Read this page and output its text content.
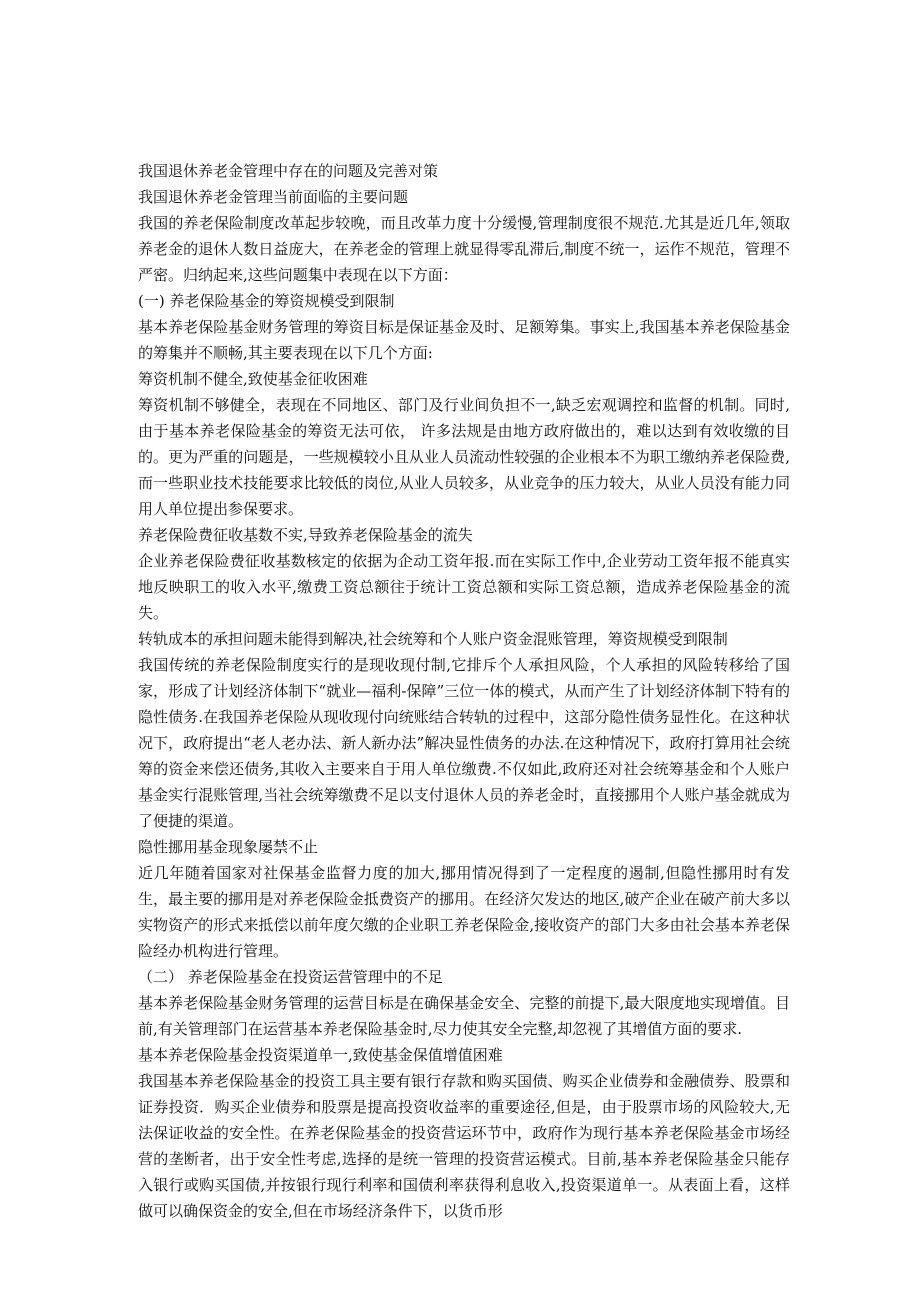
我国退休养老金管理中存在的问题及完善对策

我国退休养老金管理当前面临的主要问题

我国的养老保险制度改革起步较晚，而且改革力度十分缓慢,管理制度很不规范.尤其是近几年,领取养老金的退休人数日益庞大，在养老金的管理上就显得零乱滞后,制度不统一，运作不规范，管理不严密。归纳起来,这些问题集中表现在以下方面：

(一) 养老保险基金的筹资规模受到限制

基本养老保险基金财务管理的筹资目标是保证基金及时、足额筹集。事实上,我国基本养老保险基金的筹集并不顺畅,其主要表现在以下几个方面:

筹资机制不健全,致使基金征收困难

筹资机制不够健全，表现在不同地区、部门及行业间负担不一,缺乏宏观调控和监督的机制。同时,由于基本养老保险基金的筹资无法可依， 许多法规是由地方政府做出的，难以达到有效收缴的目的。更为严重的问题是，一些规模较小且从业人员流动性较强的企业根本不为职工缴纳养老保险费,而一些职业技术技能要求比较低的岗位,从业人员较多，从业竞争的压力较大，从业人员没有能力同用人单位提出参保要求。

养老保险费征收基数不实,导致养老保险基金的流失

企业养老保险费征收基数核定的依据为企动工资年报.而在实际工作中,企业劳动工资年报不能真实地反映职工的收入水平,缴费工资总额往于统计工资总额和实际工资总额，造成养老保险基金的流失。

转轨成本的承担问题未能得到解决,社会统筹和个人账户资金混账管理，筹资规模受到限制

我国传统的养老保险制度实行的是现收现付制,它排斥个人承担风险，个人承担的风险转移给了国家，形成了计划经济体制下“就业—福利-保障”三位一体的模式，从而产生了计划经济体制下特有的隐性债务.在我国养老保险从现收现付向统账结合转轨的过程中，这部分隐性债务显性化。在这种状况下，政府提出“老人老办法、新人新办法”解决显性债务的办法.在这种情况下，政府打算用社会统筹的资金来偿还债务,其收入主要来自于用人单位缴费.不仅如此,政府还对社会统筹基金和个人账户基金实行混账管理,当社会统筹缴费不足以支付退休人员的养老金时，直接挪用个人账户基金就成为了便捷的渠道。

隐性挪用基金现象屡禁不止

近几年随着国家对社保基金监督力度的加大,挪用情况得到了一定程度的遏制,但隐性挪用时有发生，最主要的挪用是对养老保险金抵费资产的挪用。在经济欠发达的地区,破产企业在破产前大多以实物资产的形式来抵偿以前年度欠缴的企业职工养老保险金,接收资产的部门大多由社会基本养老保险经办机构进行管理。

（二） 养老保险基金在投资运营管理中的不足

基本养老保险基金财务管理的运营目标是在确保基金安全、完整的前提下,最大限度地实现增值。目前,有关管理部门在运营基本养老保险基金时,尽力使其安全完整,却忽视了其增值方面的要求.

基本养老保险基金投资渠道单一,致使基金保值增值困难

我国基本养老保险基金的投资工具主要有银行存款和购买国债、购买企业债券和金融债券、股票和证券投资．购买企业债券和股票是提高投资收益率的重要途径,但是，由于股票市场的风险较大,无法保证收益的安全性。在养老保险基金的投资营运环节中，政府作为现行基本养老保险基金市场经营的垄断者，出于安全性考虑,选择的是统一管理的投资营运模式。目前,基本养老保险基金只能存入银行或购买国债,并按银行现行利率和国债利率获得利息收入,投资渠道单一。从表面上看，这样做可以确保资金的安全,但在市场经济条件下，以货币形
